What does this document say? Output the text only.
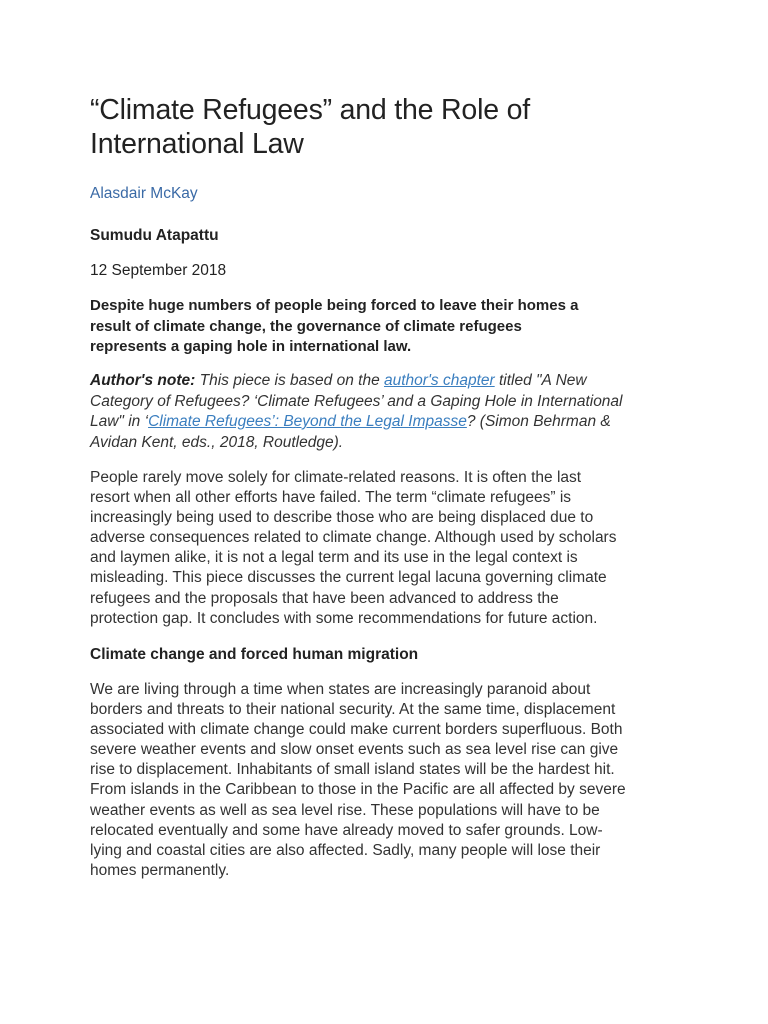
“Climate Refugees” and the Role of
International Law
Alasdair McKay
Sumudu Atapattu
12 September 2018
Despite huge numbers of people being forced to leave their homes a
result of climate change, the governance of climate refugees
represents a gaping hole in international law.
Author's note: This piece is based on the author's chapter titled "A New
Category of Refugees? ‘Climate Refugees’ and a Gaping Hole in International
Law" in ‘Climate Refugees’: Beyond the Legal Impasse? (Simon Behrman &
Avidan Kent, eds., 2018, Routledge).
People rarely move solely for climate-related reasons. It is often the last
resort when all other efforts have failed. The term “climate refugees” is
increasingly being used to describe those who are being displaced due to
adverse consequences related to climate change. Although used by scholars
and laymen alike, it is not a legal term and its use in the legal context is
misleading. This piece discusses the current legal lacuna governing climate
refugees and the proposals that have been advanced to address the
protection gap. It concludes with some recommendations for future action.
Climate change and forced human migration
We are living through a time when states are increasingly paranoid about
borders and threats to their national security. At the same time, displacement
associated with climate change could make current borders superfluous. Both
severe weather events and slow onset events such as sea level rise can give
rise to displacement. Inhabitants of small island states will be the hardest hit.
From islands in the Caribbean to those in the Pacific are all affected by severe
weather events as well as sea level rise. These populations will have to be
relocated eventually and some have already moved to safer grounds. Low-
lying and coastal cities are also affected. Sadly, many people will lose their
homes permanently.
